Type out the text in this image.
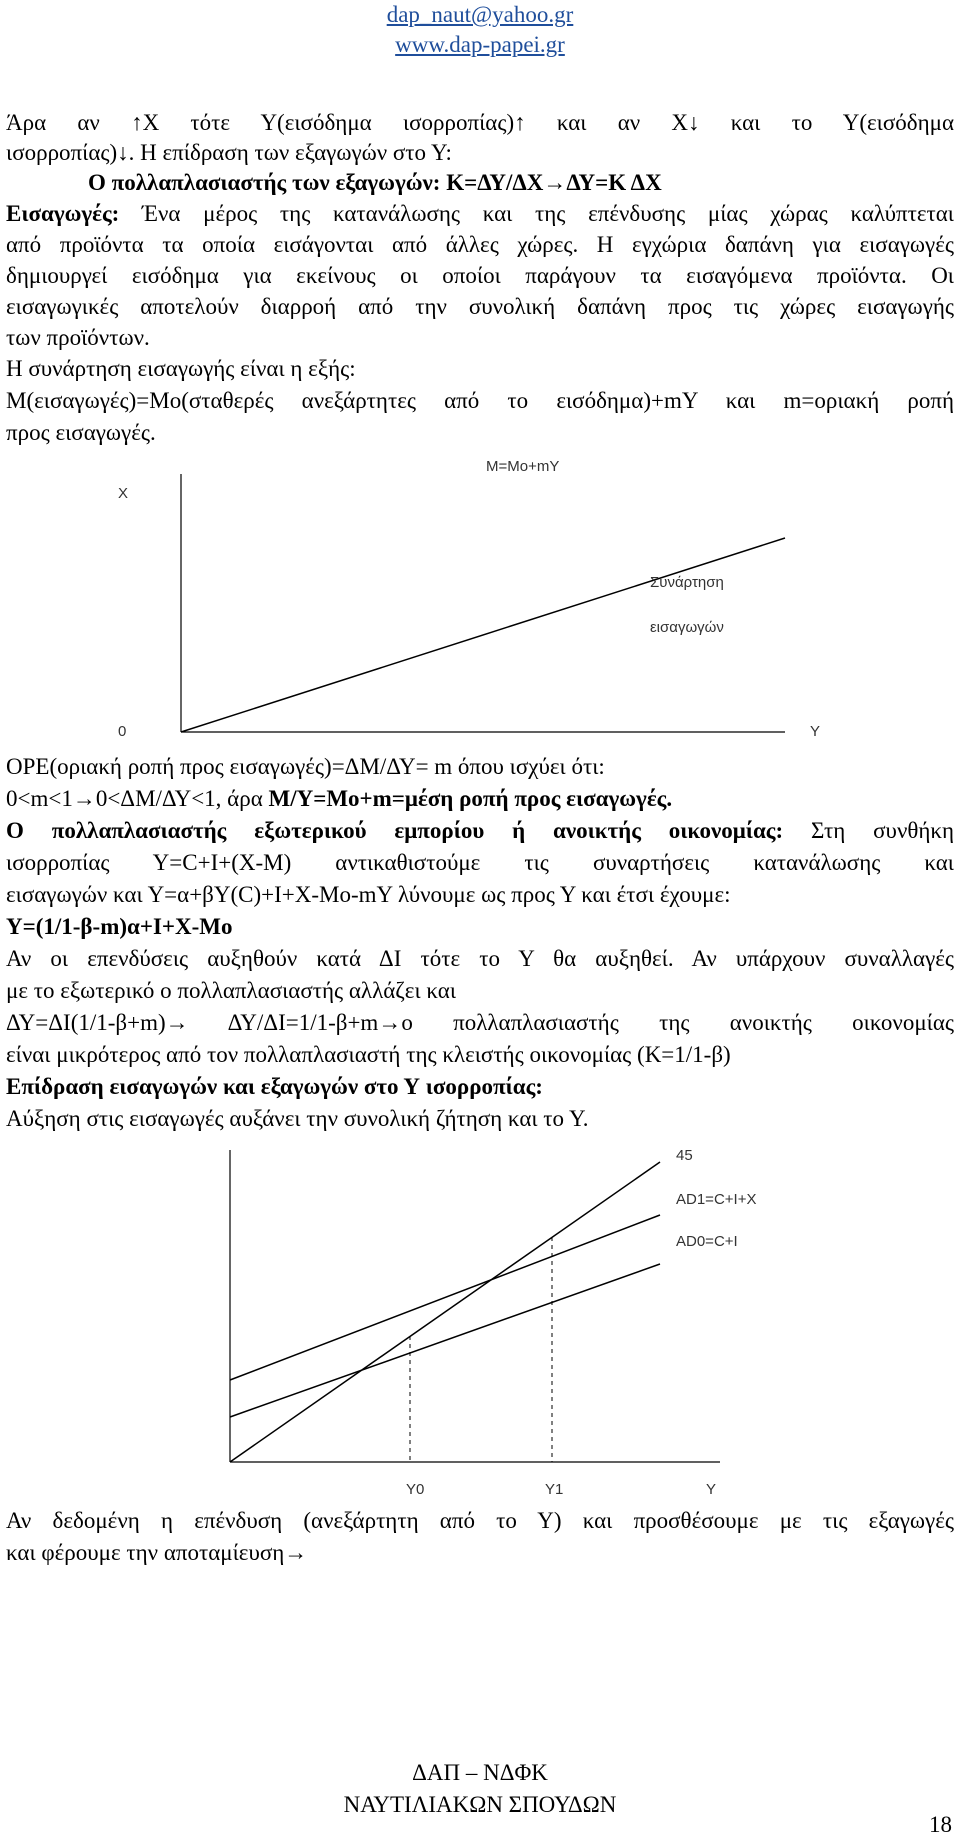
dap_naut@yahoo.gr
www.dap-papei.gr
Άρα αν ↑Χ τότε Υ(εισόδημα ισορροπίας)↑ και αν Χ↓ και το Υ(εισόδημα
ισορροπίας)↓. Η επίδραση των εξαγωγών στο Υ:
Ο πολλαπλασιαστής των εξαγωγών: Κ=ΔΥ/ΔΧ→ΔΥ=Κ ΔΧ
Εισαγωγές: Ένα μέρος της κατανάλωσης και της επένδυσης μίας χώρας καλύπτεται
από προϊόντα τα οποία εισάγονται από άλλες χώρες. Η εγχώρια δαπάνη για εισαγωγές
δημιουργεί εισόδημα για εκείνους οι οποίοι παράγουν τα εισαγόμενα προϊόντα. Οι
εισαγωγικές αποτελούν διαρροή από την συνολική δαπάνη προς τις χώρες εισαγωγής
των προϊόντων.
Η συνάρτηση εισαγωγής είναι η εξής:
Μ(εισαγωγές)=Μο(σταθερές ανεξάρτητες από το εισόδημα)+mY και m=οριακή ροπή
προς εισαγωγές.
Μ=Μο+mY
X
Συνάρτηση
εισαγωγών
0	Y
ΟΡΕ(οριακή ροπή προς εισαγωγές)=ΔΜ/ΔΥ= m όπου ισχύει ότι:
0<m<1→0<ΔΜ/ΔΥ<1, άρα Μ/Υ=Μο+m=μέση ροπή προς εισαγωγές.
Ο πολλαπλασιαστής εξωτερικού εμπορίου ή ανοικτής οικονομίας: Στη συνθήκη
ισορροπίας Υ=C+I+(X-M) αντικαθιστούμε τις συναρτήσεις κατανάλωσης και
εισαγωγών και Υ=α+βΥ(C)+I+X-Mo-mY λύνουμε ως προς Υ και έτσι έχουμε:
Υ=(1/1-β-m)α+I+X-Mo
Αν οι επενδύσεις αυξηθούν κατά ΔΙ τότε το Υ θα αυξηθεί. Αν υπάρχουν συναλλαγές
με το εξωτερικό ο πολλαπλασιαστής αλλάζει και
ΔΥ=ΔΙ(1/1-β+m)→ ΔΥ/ΔΙ=1/1-β+m→ο πολλαπλασιαστής της ανοικτής οικονομίας
είναι μικρότερος από τον πολλαπλασιαστή της κλειστής οικονομίας (Κ=1/1-β)
Επίδραση εισαγωγών και εξαγωγών στο Υ ισορροπίας:
Αύξηση στις εισαγωγές αυξάνει την συνολική ζήτηση και το Υ.
45
AD1=C+I+X
AD0=C+I
Y0	Y1	Y
Αν δεδομένη η επένδυση (ανεξάρτητη από το Υ) και προσθέσουμε με τις εξαγωγές
και φέρουμε την αποταμίευση→
ΔΑΠ – ΝΔΦΚ
ΝΑΥΤΙΛΙΑΚΩΝ ΣΠΟΥΔΩΝ
18
